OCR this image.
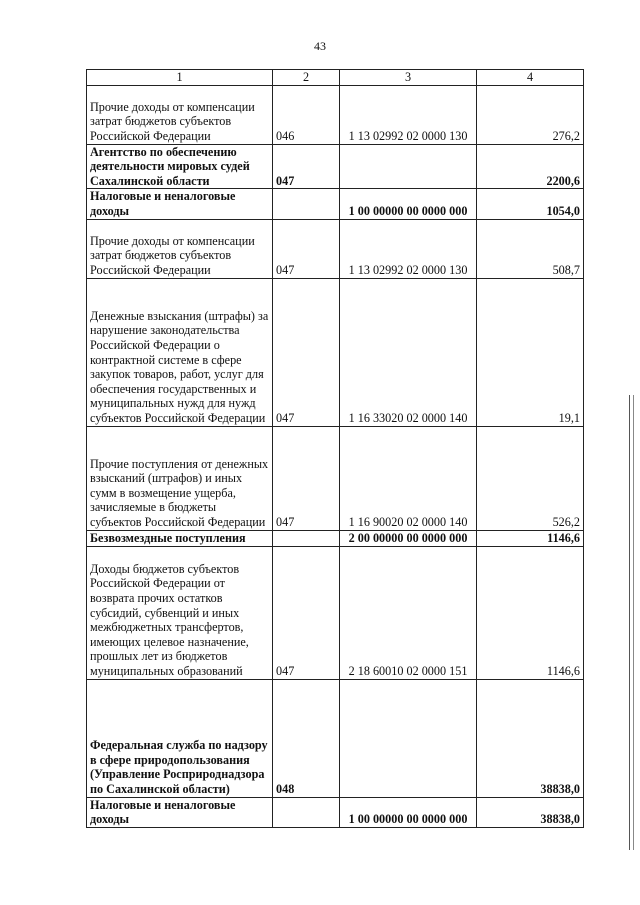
43
1	2	3	4
Прочие доходы от компенсации затрат бюджетов субъектов Российской Федерации	046	1 13 02992 02 0000 130	276,2
Агентство по обеспечению деятельности мировых судей Сахалинской области	047		2200,6
Налоговые и неналоговые доходы		1 00 00000 00 0000 000	1054,0
Прочие доходы от компенсации затрат бюджетов субъектов Российской Федерации	047	1 13 02992 02 0000 130	508,7
Денежные взыскания (штрафы) за нарушение законодательства Российской Федерации о контрактной системе в сфере закупок товаров, работ, услуг для обеспечения государственных и муниципальных нужд для нужд субъектов Российской Федерации	047	1 16 33020 02 0000 140	19,1
Прочие поступления от денежных взысканий (штрафов) и иных сумм в возмещение ущерба, зачисляемые в бюджеты субъектов Российской Федерации	047	1 16 90020 02 0000 140	526,2
Безвозмездные поступления		2 00 00000 00 0000 000	1146,6
Доходы бюджетов субъектов Российской Федерации от возврата прочих остатков субсидий, субвенций и иных межбюджетных трансфертов, имеющих целевое назначение, прошлых лет из бюджетов муниципальных образований	047	2 18 60010 02 0000 151	1146,6
Федеральная служба по надзору в сфере природопользования (Управление Росприроднадзора по Сахалинской области)	048		38838,0
Налоговые и неналоговые доходы		1 00 00000 00 0000 000	38838,0
